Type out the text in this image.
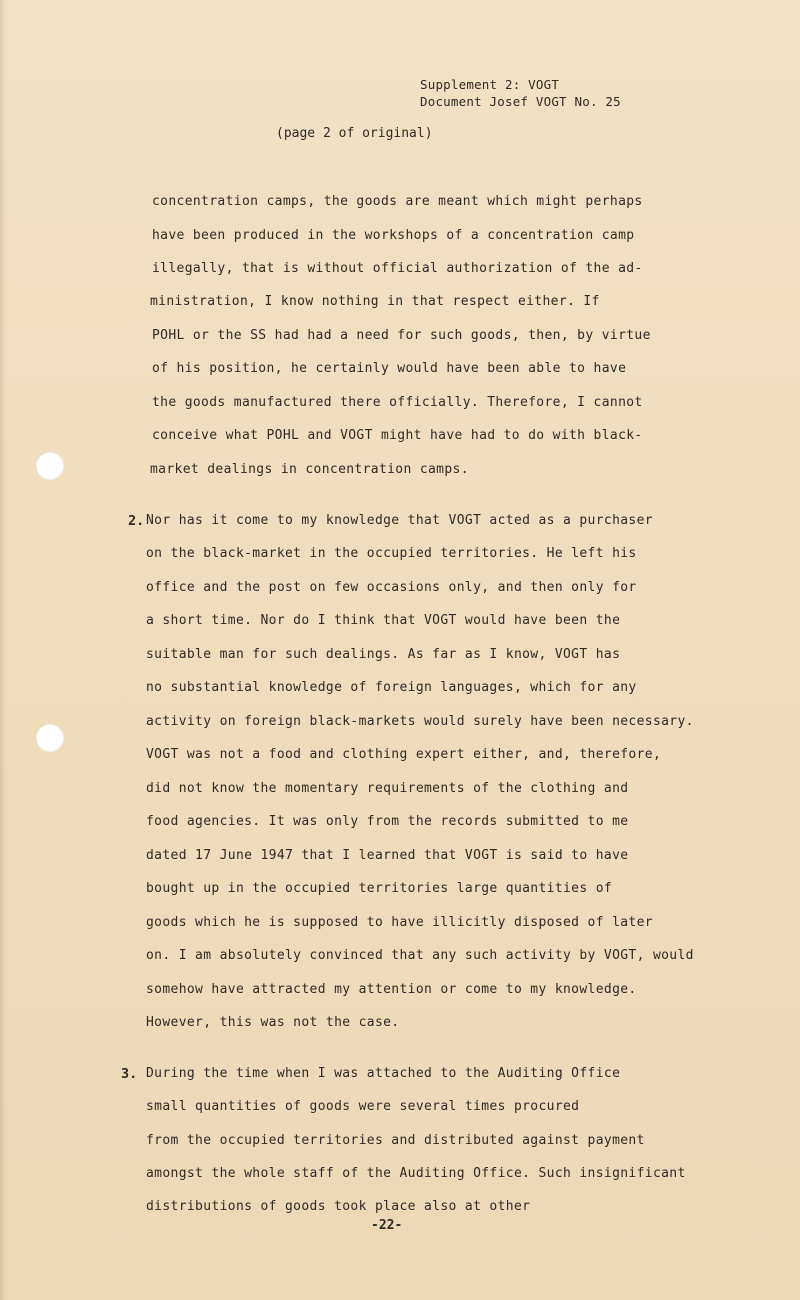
Supplement 2: VOGT
Document Josef VOGT No. 25
(page 2 of original)
concentration camps, the goods are meant which might perhaps
have been produced in the workshops of a concentration camp
illegally, that is without official authorization of the ad-
ministration, I know nothing in that respect either. If
POHL or the SS had had a need for such goods, then, by virtue
of his position, he certainly would have been able to have
the goods manufactured there officially. Therefore, I cannot
conceive what POHL and VOGT might have had to do with black-
market dealings in concentration camps.
2. Nor has it come to my knowledge that VOGT acted as a purchaser
on the black-market in the occupied territories. He left his
office and the post on few occasions only, and then only for
a short time. Nor do I think that VOGT would have been the
suitable man for such dealings. As far as I know, VOGT has
no substantial knowledge of foreign languages, which for any
activity on foreign black-markets would surely have been necessary.
VOGT was not a food and clothing expert either, and, therefore,
did not know the momentary requirements of the clothing and
food agencies. It was only from the records submitted to me
dated 17 June 1947 that I learned that VOGT is said to have
bought up in the occupied territories large quantities of
goods which he is supposed to have illicitly disposed of later
on. I am absolutely convinced that any such activity by VOGT, would
somehow have attracted my attention or come to my knowledge.
However, this was not the case.
3. During the time when I was attached to the Auditing Office
small quantities of goods were several times procured
from the occupied territories and distributed against payment
amongst the whole staff of the Auditing Office. Such insignificant
distributions of goods took place also at other
-22-
